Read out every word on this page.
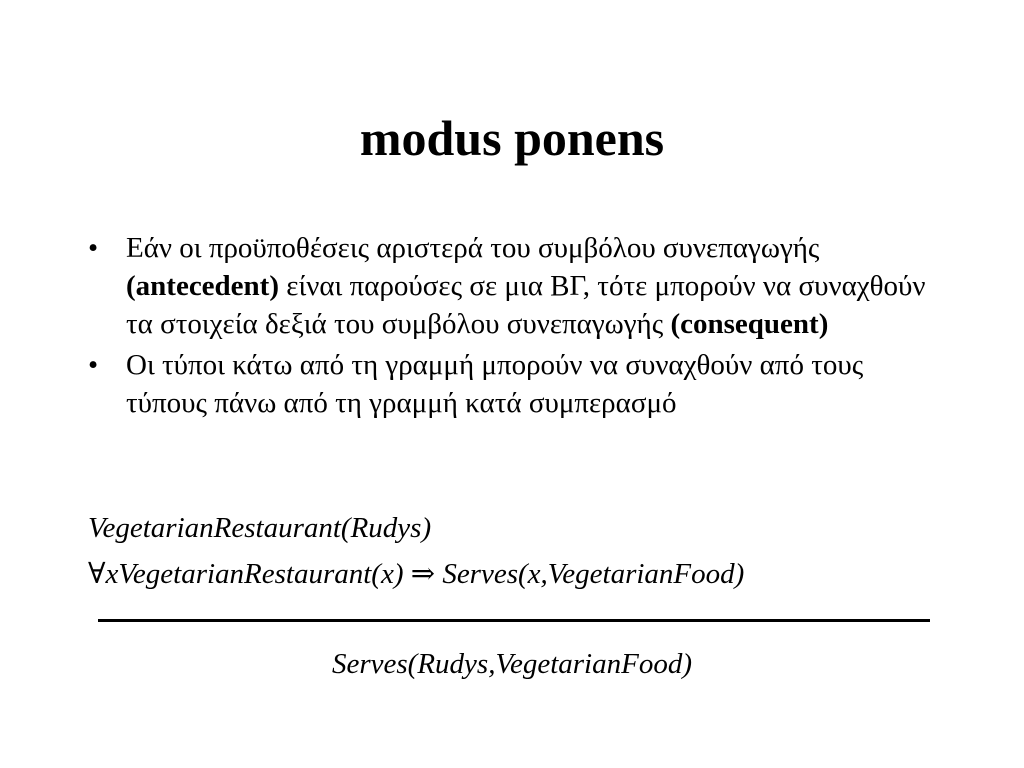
modus ponens
• Εάν οι προϋποθέσεις αριστερά του συμβόλου συνεπαγωγής (antecedent) είναι παρούσες σε μια ΒΓ, τότε μπορούν να συναχθούν τα στοιχεία δεξιά του συμβόλου συνεπαγωγής (consequent)
• Οι τύποι κάτω από τη γραμμή μπορούν να συναχθούν από τους τύπους πάνω από τη γραμμή κατά συμπερασμό
VegetarianRestaurant(Rudys)
∀xVegetarianRestaurant(x) ⇒ Serves(x,VegetarianFood)
Serves(Rudys,VegetarianFood)
